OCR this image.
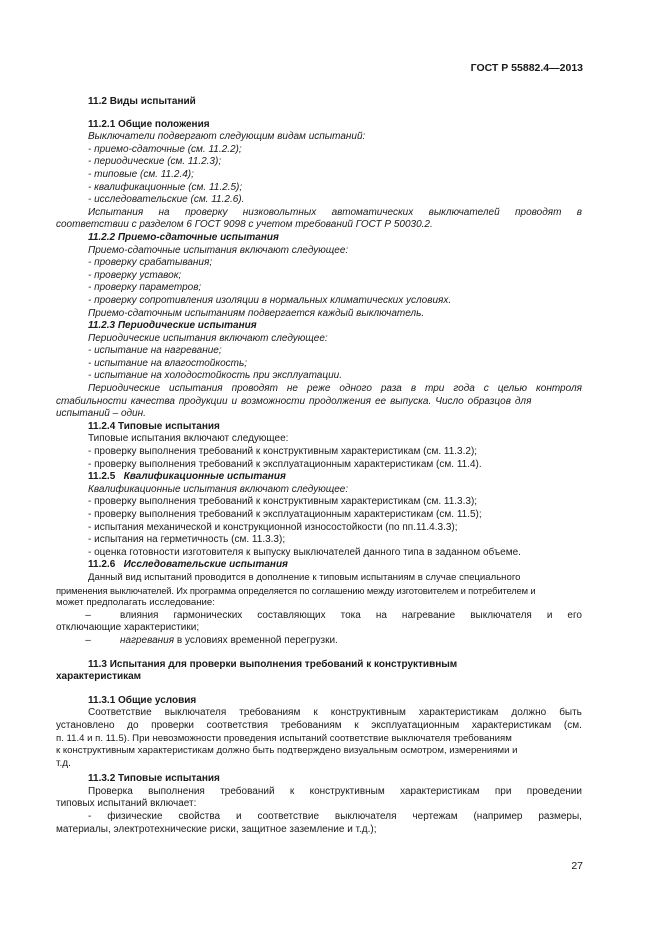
ГОСТ Р 55882.4—2013
11.2 Виды испытаний
11.2.1 Общие положения
Выключатели подвергают следующим видам испытаний:
- приемо-сдаточные (см. 11.2.2);
- периодические (см. 11.2.3);
- типовые (см. 11.2.4);
- квалификационные (см. 11.2.5);
- исследовательские (см. 11.2.6).
Испытания на проверку низковольтных автоматических выключателей проводят в
соответствии с разделом 6 ГОСТ 9098 с учетом требований ГОСТ Р 50030.2.
11.2.2 Приемо-сдаточные испытания
Приемо-сдаточные испытания включают следующее:
- проверку срабатывания;
- проверку уставок;
- проверку параметров;
- проверку сопротивления изоляции в нормальных климатических условиях.
Приемо-сдаточным испытаниям подвергается каждый выключатель.
11.2.3 Периодические испытания
Периодические испытания включают следующее:
- испытание на нагревание;
- испытание на влагостойкость;
- испытание на холодостойкость при эксплуатации.
Периодические испытания проводят не реже одного раза в три года с целью контроля
стабильности качества продукции и возможности продолжения ее выпуска. Число образцов для
испытаний – один.
11.2.4 Типовые испытания
Типовые испытания включают следующее:
- проверку выполнения требований к конструктивным характеристикам (см. 11.3.2);
- проверку выполнения требований к эксплуатационным характеристикам (см. 11.4).
11.2.5 Квалификационные испытания
Квалификационные испытания включают следующее:
- проверку выполнения требований к конструктивным характеристикам (см. 11.3.3);
- проверку выполнения требований к эксплуатационным характеристикам (см. 11.5);
- испытания механической и конструкционной износостойкости (по пп.11.4.3.3);
- испытания на герметичность (см. 11.3.3);
- оценка готовности изготовителя к выпуску выключателей данного типа в заданном объеме.
11.2.6 Исследовательские испытания
Данный вид испытаний проводится в дополнение к типовым испытаниям в случае специального
применения выключателей. Их программа определяется по соглашению между изготовителем и потребителем и
может предполагать исследование:
–	влияния гармонических составляющих тока на нагревание выключателя и его
отключающие характеристики;
–	нагревания в условиях временной перегрузки.
11.3 Испытания для проверки выполнения требований к конструктивным
характеристикам
11.3.1 Общие условия
Соответствие выключателя требованиям к конструктивным характеристикам должно быть
установлено до проверки соответствия требованиям к эксплуатационным характеристикам (см.
п. 11.4 и п. 11.5). При невозможности проведения испытаний соответствие выключателя требованиям
к конструктивным характеристикам должно быть подтверждено визуальным осмотром, измерениями и
т.д.
11.3.2 Типовые испытания
Проверка выполнения требований к конструктивным характеристикам при проведении
типовых испытаний включает:
- физические свойства и соответствие выключателя чертежам (например размеры,
материалы, электротехнические риски, защитное заземление и т.д.);
27
